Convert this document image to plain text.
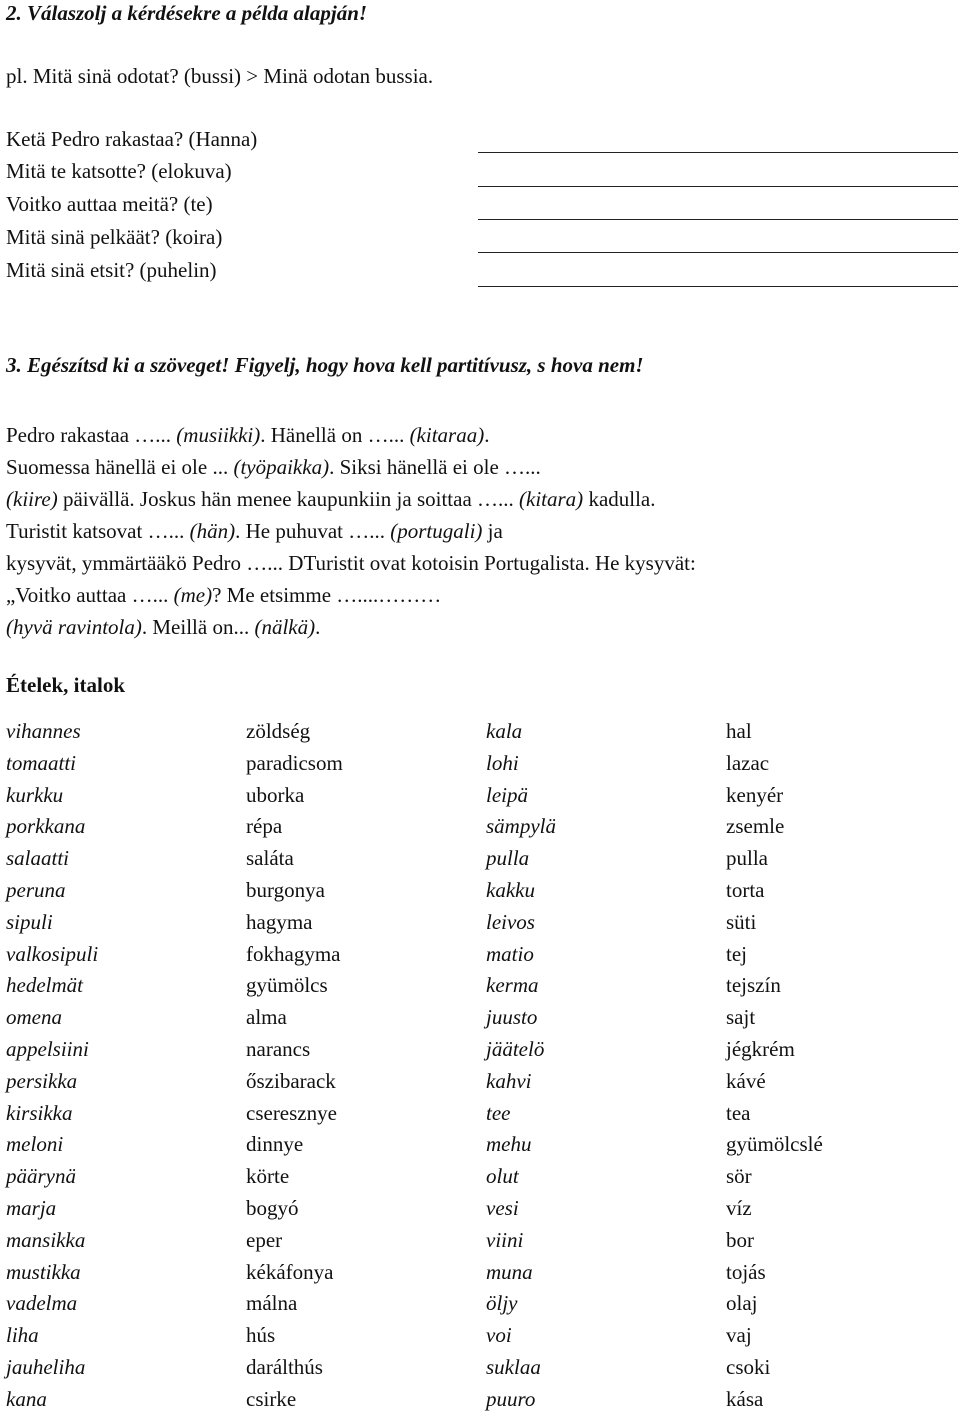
2. Válaszolj a kérdésekre a példa alapján!
pl. Mitä sinä odotat? (bussi) > Minä odotan bussia.
Ketä Pedro rakastaa? (Hanna)
Mitä te katsotte? (elokuva)
Voitko auttaa meitä? (te)
Mitä sinä pelkäät? (koira)
Mitä sinä etsit? (puhelin)
3. Egészítsd ki a szöveget! Figyelj, hogy hova kell partitívusz, s hova nem!
Pedro rakastaa …... (musiikki). Hänellä on …... (kitaraa).
Suomessa hänellä ei ole ... (työpaikka). Siksi hänellä ei ole …...
(kiire) päivällä. Joskus hän menee kaupunkiin ja soittaa …... (kitara) kadulla.
Turistit katsovat …... (hän). He puhuvat …... (portugali) ja
kysyvät, ymmärtääkö Pedro …... DTuristit ovat kotoisin Portugalista. He kysyvät:
„Voitko auttaa …... (me)? Me etsimme …....………
(hyvä ravintola). Meillä on... (nälkä).
Ételek, italok
vihannes	zöldség	kala	hal
tomaatti	paradicsom	lohi	lazac
kurkku	uborka	leipä	kenyér
porkkana	répa	sämpylä	zsemle
salaatti	saláta	pulla	pulla
peruna	burgonya	kakku	torta
sipuli	hagyma	leivos	süti
valkosipuli	fokhagyma	matio	tej
hedelmät	gyümölcs	kerma	tejszín
omena	alma	juusto	sajt
appelsiini	narancs	jäätelö	jégkrém
persikka	őszibarack	kahvi	kávé
kirsikka	cseresznye	tee	tea
meloni	dinnye	mehu	gyümölcslé
päärynä	körte	olut	sör
marja	bogyó	vesi	víz
mansikka	eper	viini	bor
mustikka	kékáfonya	muna	tojás
vadelma	málna	öljy	olaj
liha	hús	voi	vaj
jauheliha	darálthús	suklaa	csoki
kana	csirke	puuro	kása
